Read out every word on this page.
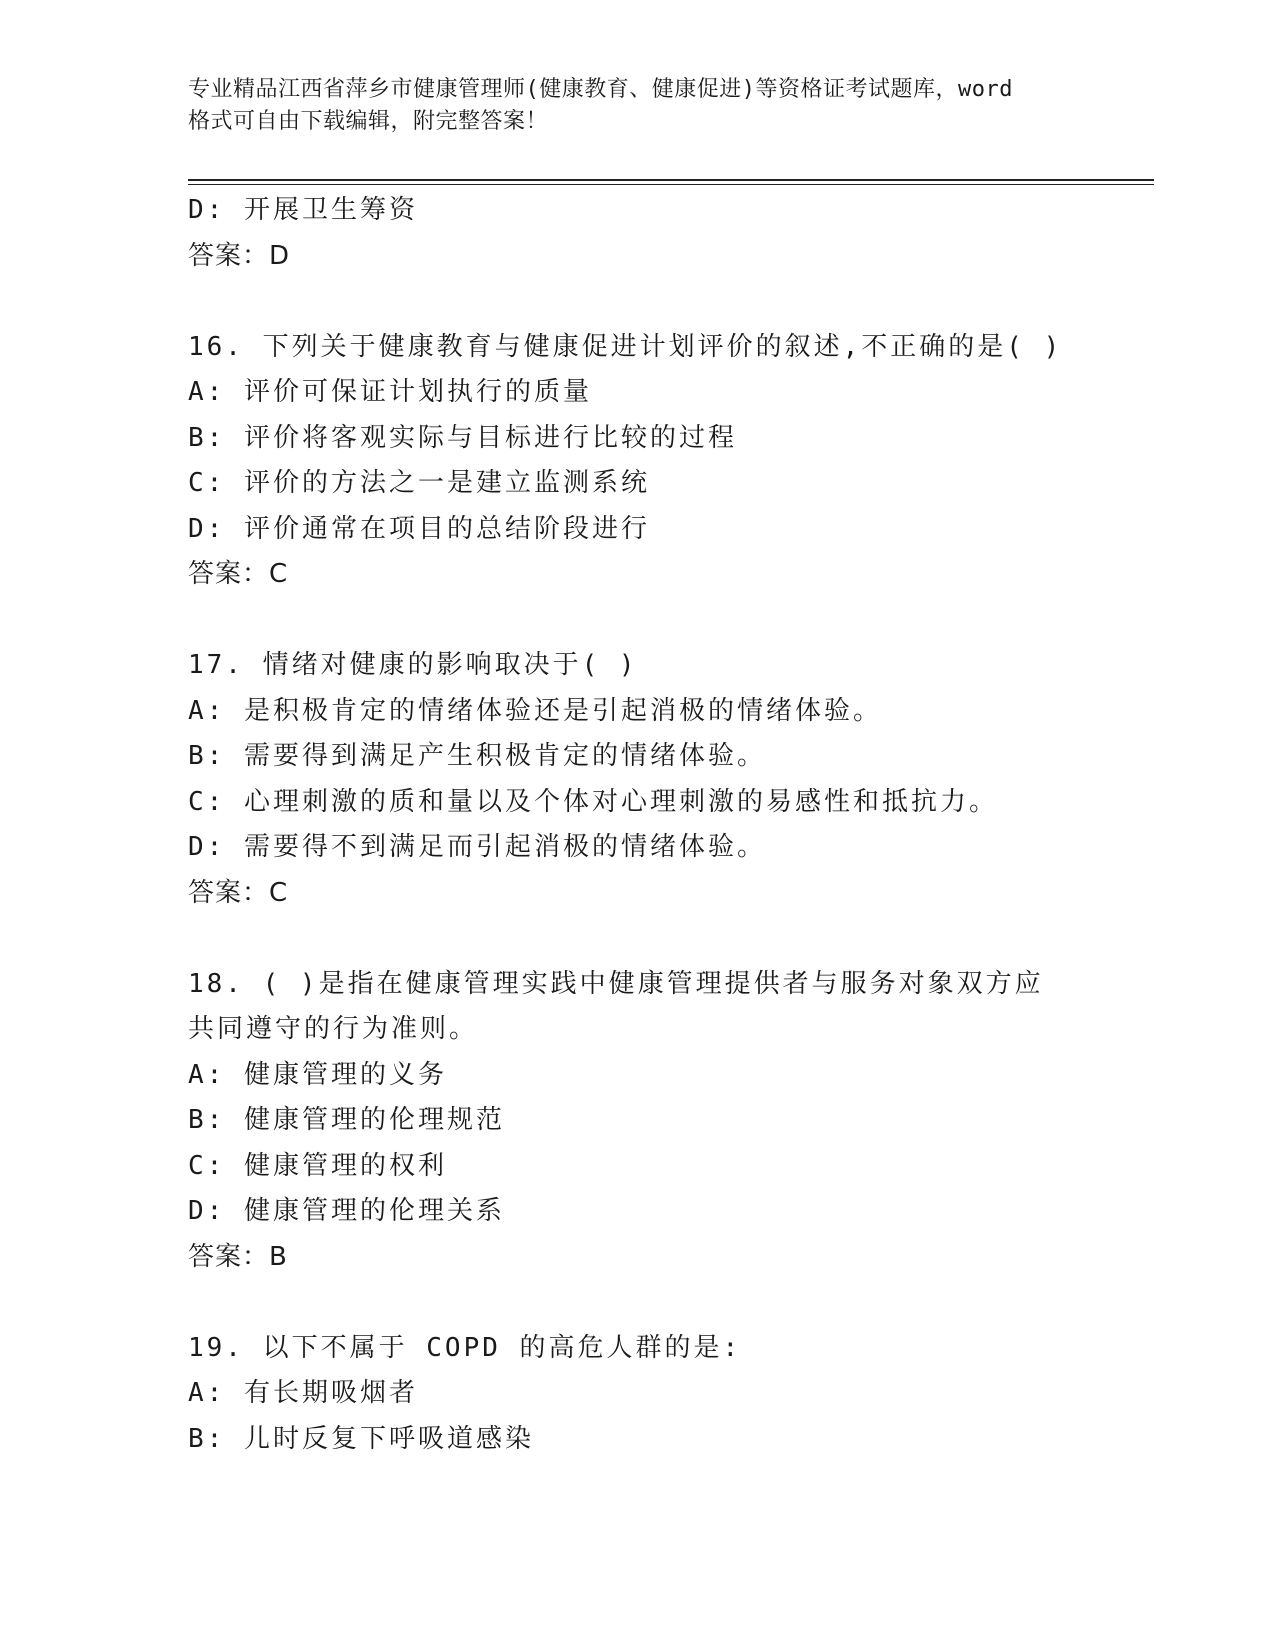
专业精品江西省萍乡市健康管理师(健康教育、健康促进)等资格证考试题库，word
格式可自由下载编辑，附完整答案！
D: 开展卫生筹资
答案：D
16. 下列关于健康教育与健康促进计划评价的叙述,不正确的是( )
A: 评价可保证计划执行的质量
B: 评价将客观实际与目标进行比较的过程
C: 评价的方法之一是建立监测系统
D: 评价通常在项目的总结阶段进行
答案：C
17. 情绪对健康的影响取决于( )
A: 是积极肯定的情绪体验还是引起消极的情绪体验。
B: 需要得到满足产生积极肯定的情绪体验。
C: 心理刺激的质和量以及个体对心理刺激的易感性和抵抗力。
D: 需要得不到满足而引起消极的情绪体验。
答案：C
18. ( )是指在健康管理实践中健康管理提供者与服务对象双方应
共同遵守的行为准则。
A: 健康管理的义务
B: 健康管理的伦理规范
C: 健康管理的权利
D: 健康管理的伦理关系
答案：B
19. 以下不属于 COPD 的高危人群的是:
A: 有长期吸烟者
B: 儿时反复下呼吸道感染
